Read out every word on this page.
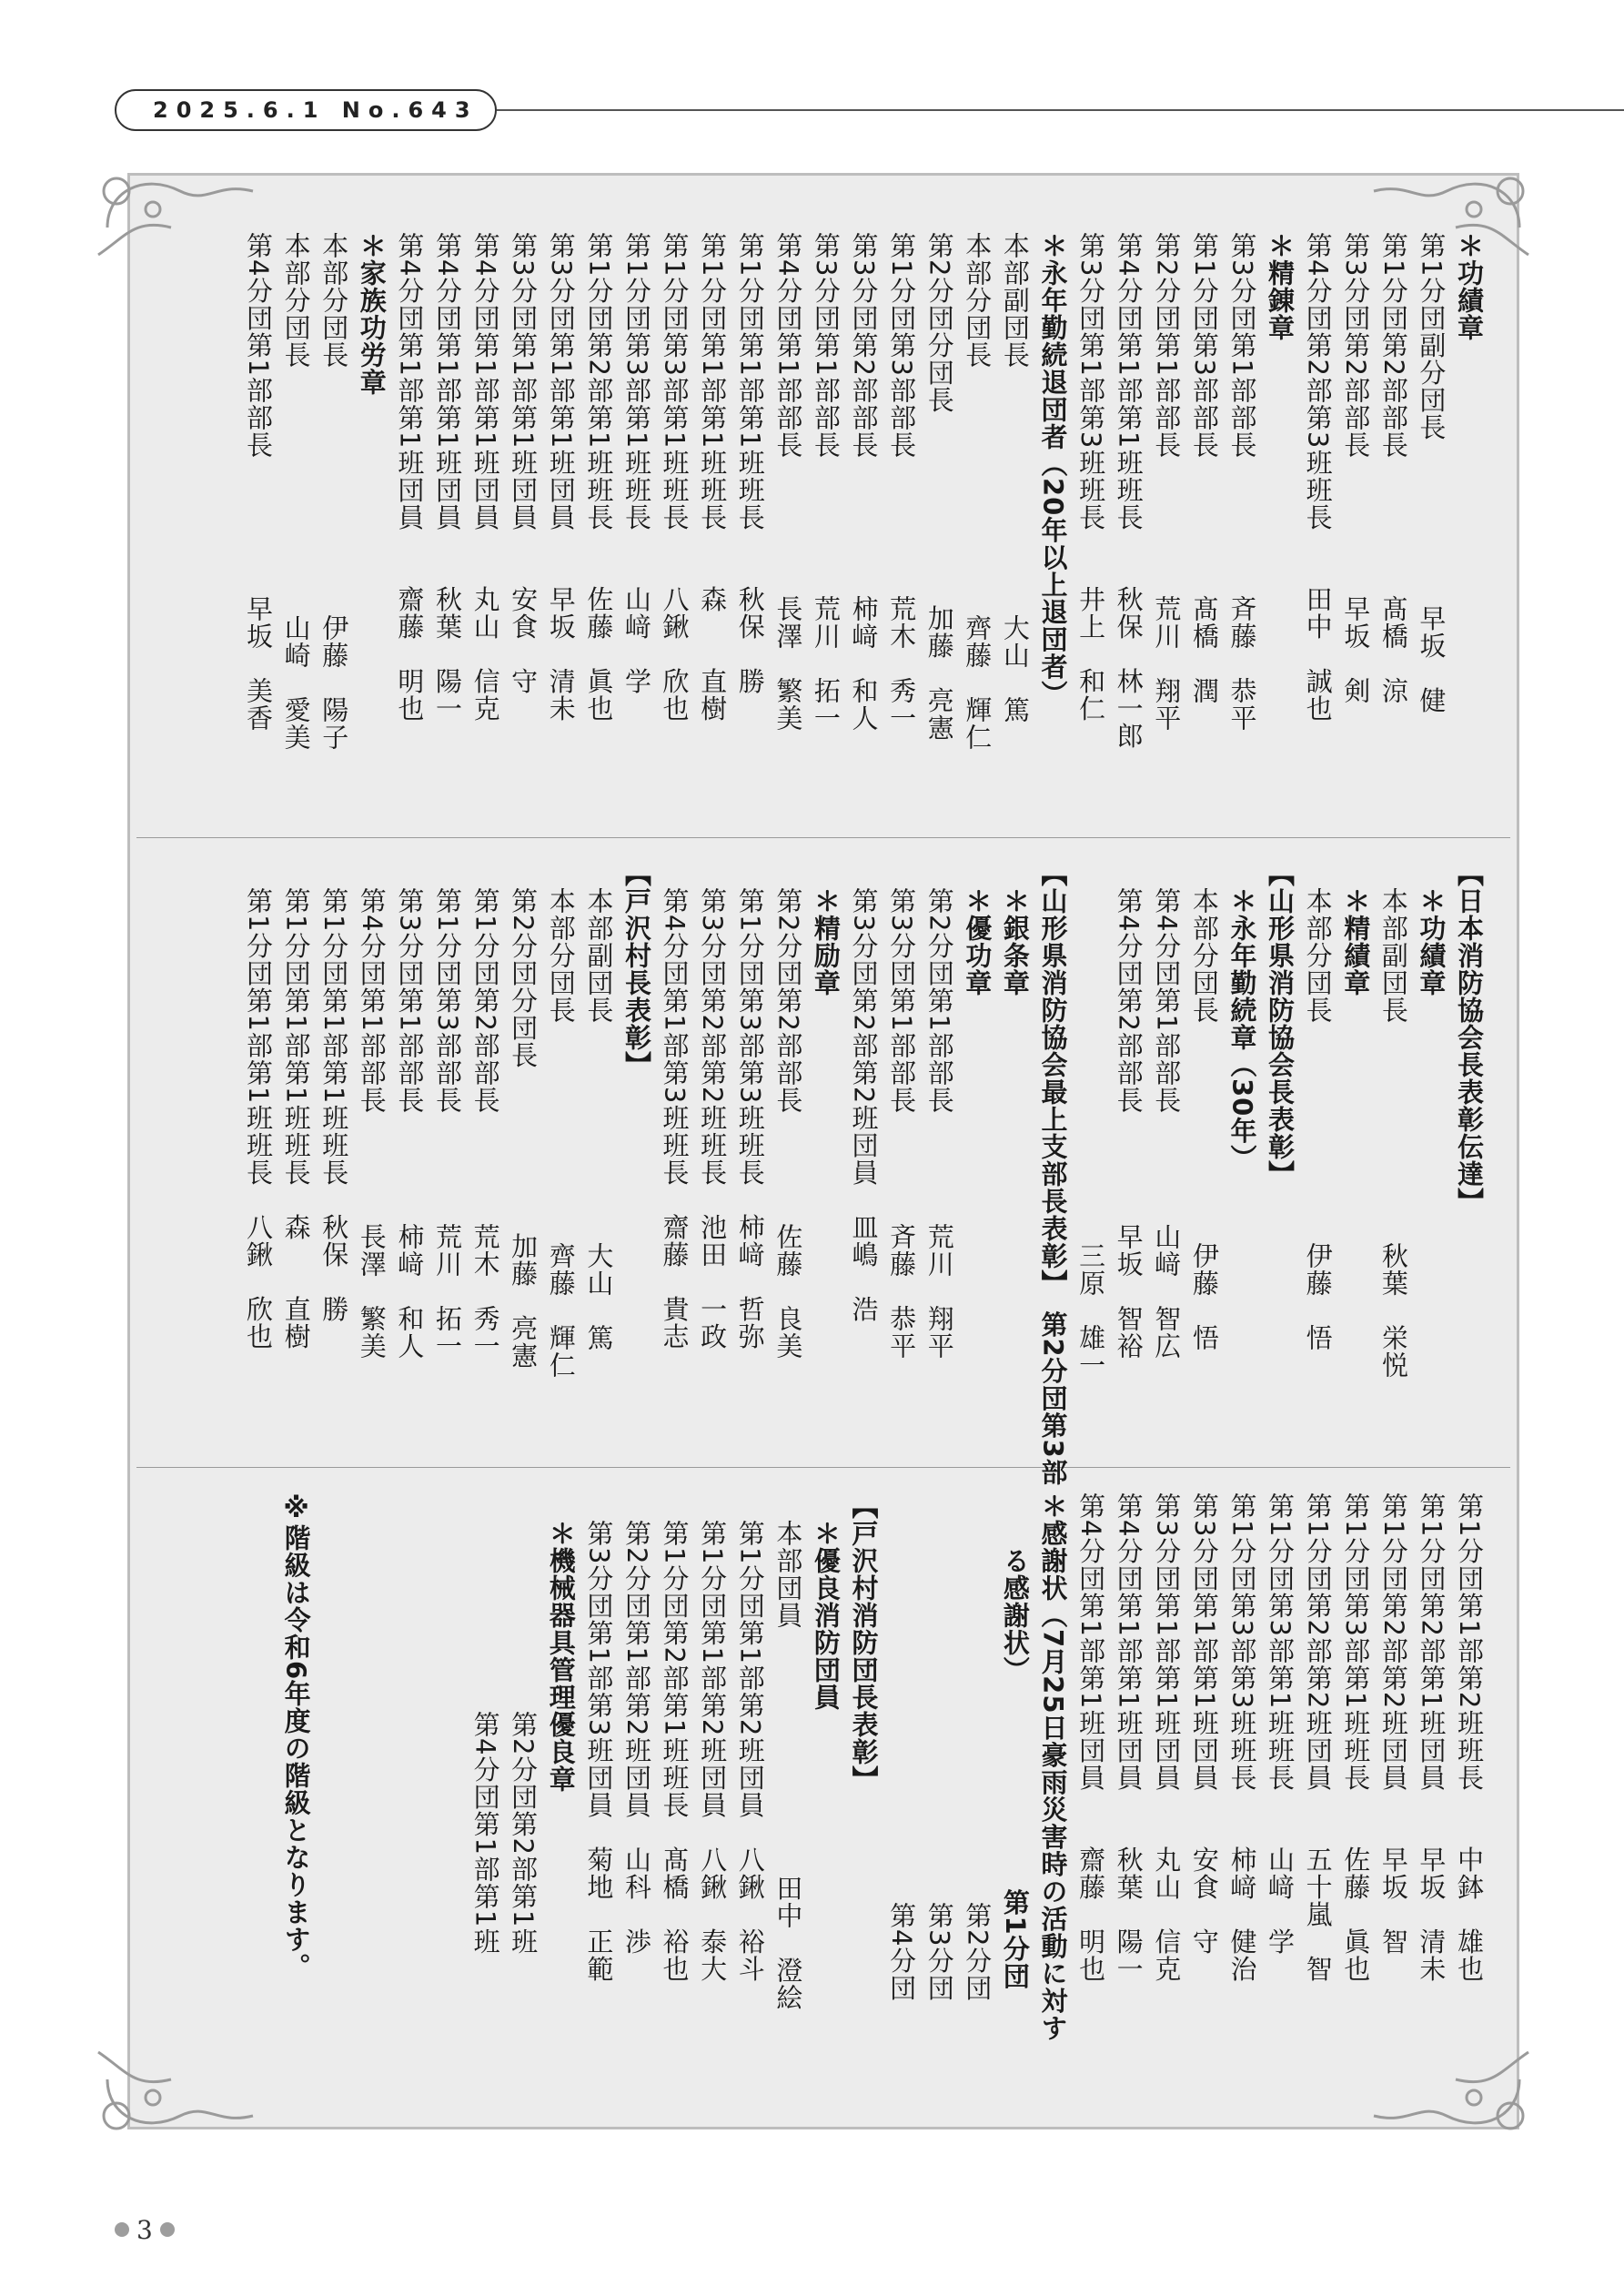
2025.6.1 No.643
＊功績章
第1分団副分団長　　　　　　早坂　健
第1分団第2部部長　　　　　髙橋　涼
第3分団第2部部長　　　　　早坂　剣
第4分団第2部第3班班長　　田中　誠也
＊精錬章
第3分団第1部部長　　　　　斉藤　恭平
第1分団第3部部長　　　　　髙橋　潤
第2分団第1部部長　　　　　荒川　翔平
第4分団第1部第1班班長　　秋保　林一郎
第3分団第1部第3班班長　　井上　和仁
＊永年勤続退団者（20年以上退団者）
本部副団長　　　　　　　　　大山　篤
本部分団長　　　　　　　　　齊藤　輝仁
第2分団分団長　　　　　　　加藤　亮憲
第1分団第3部部長　　　　　荒木　秀一
第3分団第2部部長　　　　　柿﨑　和人
第3分団第1部部長　　　　　荒川　拓一
第4分団第1部部長　　　　　長澤　繁美
第1分団第1部第1班班長　　秋保　勝
第1分団第1部第1班班長　　森　　直樹
第1分団第3部第1班班長　　八鍬　欣也
第1分団第3部第1班班長　　山﨑　学
第1分団第2部第1班班長　　佐藤　眞也
第3分団第1部第1班団員　　早坂　清未
第3分団第1部第1班団員　　安食　守
第4分団第1部第1班団員　　丸山　信克
第4分団第1部第1班団員　　秋葉　陽一
第4分団第1部第1班団員　　齋藤　明也
＊家族功労章
本部分団長　　　　　　　　　伊藤　陽子
本部分団長　　　　　　　　　山崎　愛美
第4分団第1部部長　　　　　早坂　美香
【日本消防協会長表彰伝達】
　＊功績章
　本部副団長　　　　　　　　秋葉　栄悦
　＊精績章
　本部分団長　　　　　　　　伊藤　悟
【山形県消防協会長表彰】
　＊永年勤続章（30年）
　本部分団長　　　　　　　　伊藤　悟
　第4分団第1部部長　　　　山﨑　智広
　第4分団第2部部長　　　　早坂　智裕
　　　　　　　　　　　　　　三原　雄一
【山形県消防協会最上支部長表彰】　第2分団第3部
　＊銀条章
　＊優功章
　第2分団第1部部長　　　　荒川　翔平
　第3分団第1部部長　　　　斉藤　恭平
　第3分団第2部第2班団員　皿嶋　浩
　＊精励章
　第2分団第2部部長　　　　佐藤　良美
　第1分団第3部第3班班長　柿﨑　哲弥
　第3分団第2部第2班班長　池田　一政
　第4分団第1部第3班班長　齋藤　貴志
【戸沢村長表彰】
　本部副団長　　　　　　　　大山　篤
　本部分団長　　　　　　　　齊藤　輝仁
　第2分団分団長　　　　　　加藤　亮憲
　第1分団第2部部長　　　　荒木　秀一
　第1分団第3部部長　　　　荒川　拓一
　第3分団第1部部長　　　　柿﨑　和人
　第4分団第1部部長　　　　長澤　繁美
　第1分団第1部第1班班長　秋保　勝
　第1分団第1部第1班班長　森　　直樹
　第1分団第1部第1班班長　八鍬　欣也
第1分団第1部第2班班長　　中鉢　雄也
第1分団第2部第1班団員　　早坂　清未
第1分団第2部第2班団員　　早坂　智
第1分団第3部第1班班長　　佐藤　眞也
第1分団第2部第2班団員　　五十嵐　智
第1分団第3部第1班班長　　山﨑　学
第1分団第3部第3班班長　　柿﨑　健治
第3分団第1部第1班団員　　安食　守
第3分団第1部第1班団員　　丸山　信克
第4分団第1部第1班団員　　秋葉　陽一
第4分団第1部第1班団員　　齋藤　明也
＊感謝状（7月25日豪雨災害時の活動に対す
　　る感謝状）　　　　　　　　第1分団
　　　　　　　　　　　　　　　第2分団
　　　　　　　　　　　　　　　第3分団
　　　　　　　　　　　　　　　第4分団
【戸沢村消防団長表彰】
　＊優良消防団員
　本部団員　　　　　　　　　田中　澄絵
　第1分団第1部第2班団員　八鍬　裕斗
　第1分団第1部第2班団員　八鍬　泰大
　第1分団第2部第1班班長　髙橋　裕也
　第2分団第1部第2班団員　山科　渉
　第3分団第1部第3班団員　菊地　正範
　＊機械器具管理優良章
　　　　　　　　第2分団第2部第1班
　　　　　　　　第4分団第1部第1班

※階級は令和6年度の階級となります。
3
